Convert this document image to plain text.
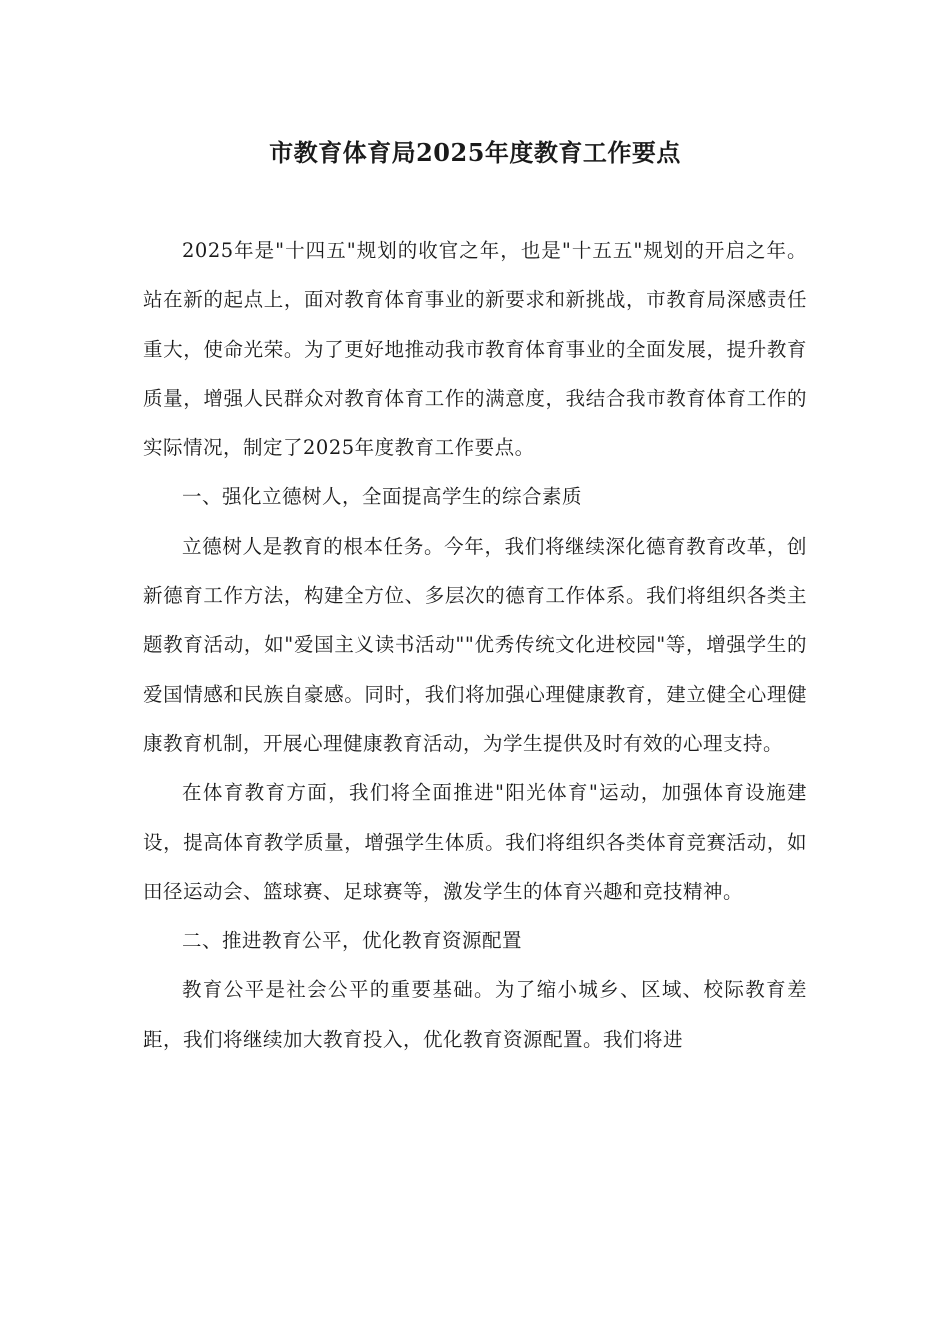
市教育体育局2025年度教育工作要点

2025年是"十四五"规划的收官之年，也是"十五五"规划的开启之年。站在新的起点上，面对教育体育事业的新要求和新挑战，市教育局深感责任重大，使命光荣。为了更好地推动我市教育体育事业的全面发展，提升教育质量，增强人民群众对教育体育工作的满意度，我结合我市教育体育工作的实际情况，制定了2025年度教育工作要点。

一、强化立德树人，全面提高学生的综合素质

立德树人是教育的根本任务。今年，我们将继续深化德育教育改革，创新德育工作方法，构建全方位、多层次的德育工作体系。我们将组织各类主题教育活动，如"爱国主义读书活动""优秀传统文化进校园"等，增强学生的爱国情感和民族自豪感。同时，我们将加强心理健康教育，建立健全心理健康教育机制，开展心理健康教育活动，为学生提供及时有效的心理支持。

在体育教育方面，我们将全面推进"阳光体育"运动，加强体育设施建设，提高体育教学质量，增强学生体质。我们将组织各类体育竞赛活动，如田径运动会、篮球赛、足球赛等，激发学生的体育兴趣和竞技精神。

二、推进教育公平，优化教育资源配置

教育公平是社会公平的重要基础。为了缩小城乡、区域、校际教育差距，我们将继续加大教育投入，优化教育资源配置。我们将进
